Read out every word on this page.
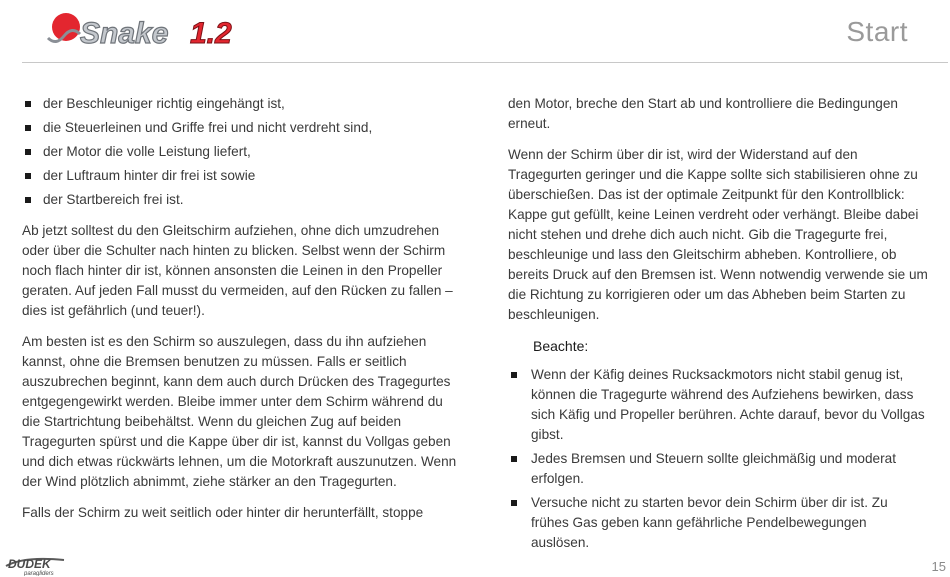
Snake 1.2	Start
der Beschleuniger richtig eingehängt ist,
die Steuerleinen und Griffe frei und nicht verdreht sind,
der Motor die volle Leistung liefert,
der Luftraum hinter dir frei ist sowie
der Startbereich frei ist.

Ab jetzt solltest du den Gleitschirm aufziehen, ohne dich umzudrehen oder über die Schulter nach hinten zu blicken. Selbst wenn der Schirm noch flach hinter dir ist, können ansonsten die Leinen in den Propeller geraten. Auf jeden Fall musst du vermeiden, auf den Rücken zu fallen – dies ist gefährlich (und teuer!).

Am besten ist es den Schirm so auszulegen, dass du ihn aufziehen kannst, ohne die Bremsen benutzen zu müssen. Falls er seitlich auszubrechen beginnt, kann dem auch durch Drücken des Tragegurtes entgegengewirkt werden. Bleibe immer unter dem Schirm während du die Startrichtung beibehältst. Wenn du gleichen Zug auf beiden Tragegurten spürst und die Kappe über dir ist, kannst du Vollgas geben und dich etwas rückwärts lehnen, um die Motorkraft auszunutzen. Wenn der Wind plötzlich abnimmt, ziehe stärker an den Tragegurten.

Falls der Schirm zu weit seitlich oder hinter dir herunterfällt, stoppe

den Motor, breche den Start ab und kontrolliere die Bedingungen erneut.

Wenn der Schirm über dir ist, wird der Widerstand auf den Tragegurten geringer und die Kappe sollte sich stabilisieren ohne zu überschießen. Das ist der optimale Zeitpunkt für den Kontrollblick: Kappe gut gefüllt, keine Leinen verdreht oder verhängt. Bleibe dabei nicht stehen und drehe dich auch nicht. Gib die Tragegurte frei, beschleunige und lass den Gleitschirm abheben. Kontrolliere, ob bereits Druck auf den Bremsen ist. Wenn notwendig verwende sie um die Richtung zu korrigieren oder um das Abheben beim Starten zu beschleunigen.

Beachte:
Wenn der Käfig deines Rucksackmotors nicht stabil genug ist, können die Tragegurte während des Aufziehens bewirken, dass sich Käfig und Propeller berühren. Achte darauf, bevor du Vollgas gibst.
Jedes Bremsen und Steuern sollte gleichmäßig und moderat erfolgen.
Versuche nicht zu starten bevor dein Schirm über dir ist. Zu frühes Gas geben kann gefährliche Pendelbewegungen auslösen.
DUDEK
paragliders	15
